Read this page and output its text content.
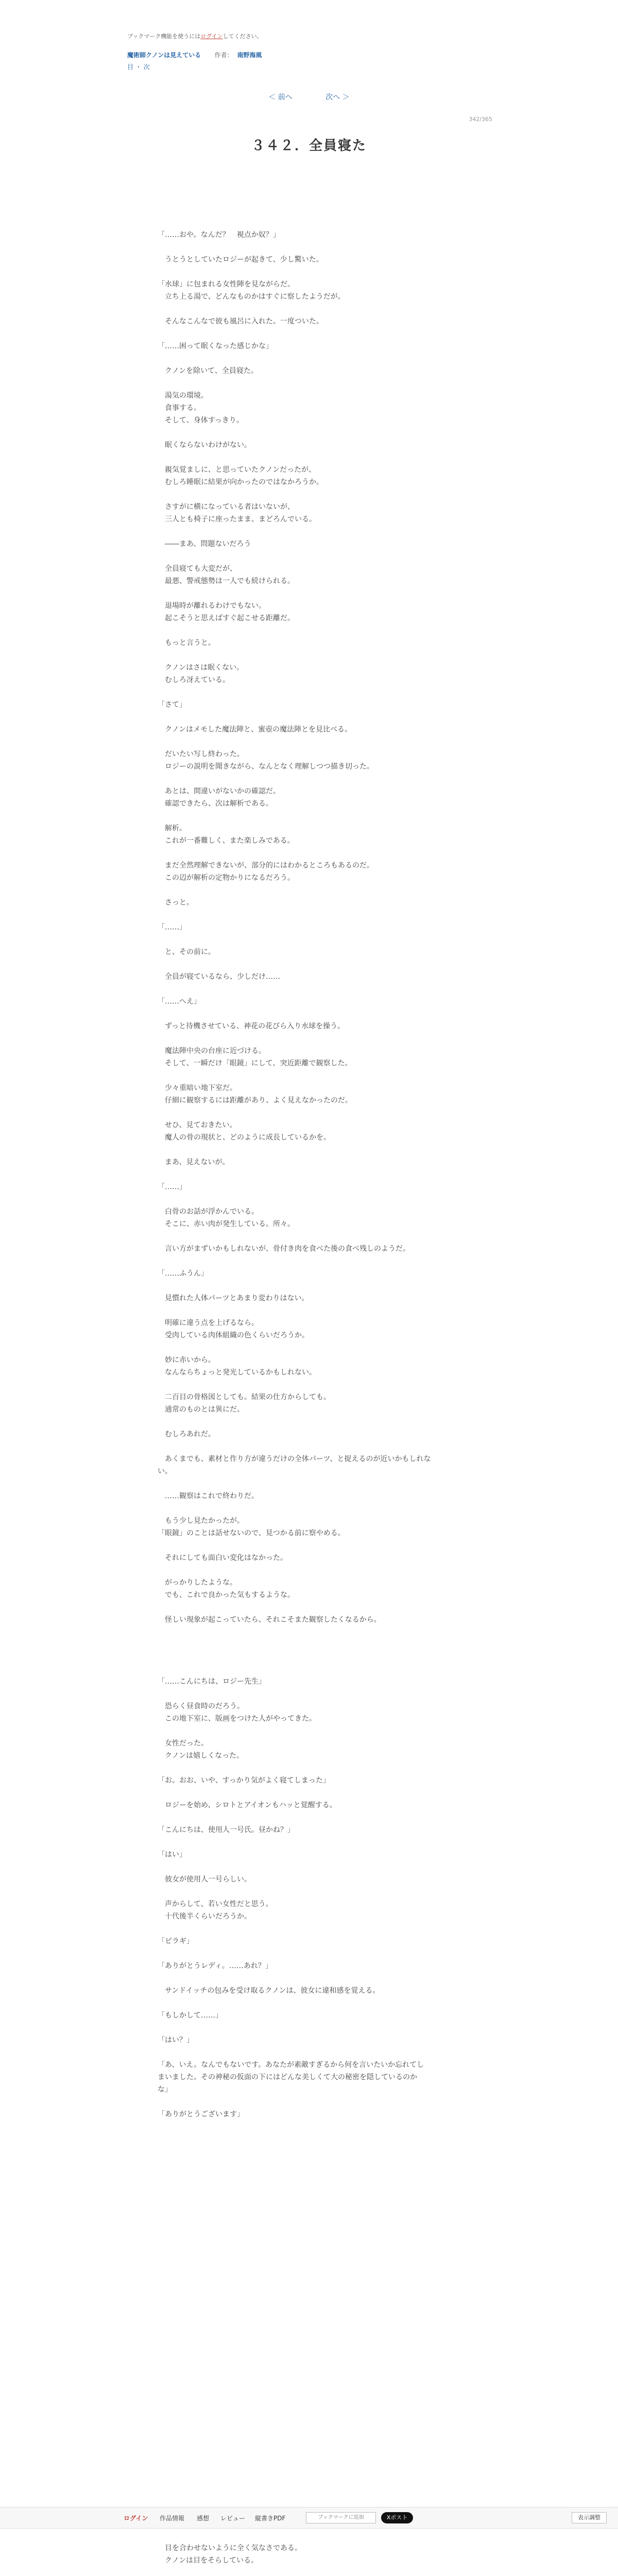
ブックマーク機能を使うにはログインしてください。
魔術師クノンは見えている 作者： 南野海風
目 ・ 次
＜ 前へ	次へ ＞
342/365
３４２．全員寝た

「……おや。なんだ？　視点か奴？」

　うとうとしていたロジーが起きて、少し驚いた。

「水球」に包まれる女性陣を見ながらだ。

　立ち上る湯で、どんなものかはすぐに察したようだが。

　そんなこんなで彼も風呂に入れた。一度ついた。

「……困って眠くなった感じかな」

　クノンを除いて、全員寝た。

　湯気の環境。

　食事する。

　そして、身体すっきり。

　眠くならないわけがない。

　親気覚ましに、と思っていたクノンだったが、

　むしろ睡眠に結果が向かったのではなかろうか。

　さすがに横になっている者はいないが、

　三人とも椅子に座ったまま、まどろんでいる。

　――まあ、問題ないだろう

　全員寝ても大変だが、

　最悪、警戒態勢は一人でも続けられる。

　退場時が離れるわけでもない。

　起こそうと思えばすぐ起こせる距離だ。

　もっと言うと。

　クノンはさは眠くない。

　むしろ冴えている。

「さて」

　クノンはメモした魔法陣と、蜜壺の魔法陣とを見比べる。

　だいたい写し終わった。

　ロジーの説明を聞きながら、なんとなく理解しつつ描き切った。

　あとは、間違いがないかの確認だ。

　確認できたら、次は解析である。

　解析。

　これが一番難しく、また楽しみである。

　まだ全然理解できないが、部分的にはわかるところもあるのだ。

　この辺が解析の定物かりになるだろう。

　さっと。

「……」

　と、その前に。

　全員が寝ているなら、少しだけ……

「……へえ」

　ずっと待機させている、神花の花びら入り水球を操う。

　魔法陣中央の台座に近づける。

　そして、一瞬だけ「眼鏡」にして、突近距離で観察した。

　少々重暗い地下室だ。

　仔細に観察するには距離があり、よく見えなかったのだ。

　せひ、見ておきたい。

　魔人の骨の現状と、どのように成長しているかを。

　まあ、見えないが。

「……」

　白骨のお話が浮かんでいる。

　そこに、赤い肉が発生している。所々。

　言い方がまずいかもしれないが、骨付き肉を食べた後の食べ残しのようだ。

「……ふうん」

　見慣れた人体パーツとあまり変わりはない。

　明確に違う点を上げるなら。

　受肉している肉体組織の色くらいだろうか。

　妙に赤いから。

　なんならちょっと発光しているかもしれない。

　二百目の骨格図としても。結果の仕方からしても。

　通常のものとは異にだ。

　むしろあれだ。

　あくまでも、素材と作り方が違うだけの全体パーツ、と捉えるのが近いかもしれな

い。

　……観察はこれで終わりだ。

　もう少し見たかったが。

「眼鏡」のことは話せないので、見つかる前に察やめる。

　それにしても面白い変化はなかった。

　がっかりしたような。

　でも、これで良かった気もするような。

　怪しい現象が起こっていたら、それこそまた観察したくなるから。

「……こんにちは、ロジー先生」

　恐らく昼食時のだろう。

　この地下室に、版画をつけた人がやってきた。

　女性だった。

　クノンは嬉しくなった。

「お。おお、いや、すっかり気がよく寝てしまった」

　ロジーを始め、シロトとアイオンもハッと覚醒する。

「こんにちは、使用人一号氏。昼かね？」

「はい」

　彼女が使用人一号らしい。

　声からして、若い女性だと思う。

　十代後半くらいだろうか。

「ピラギ」

「ありがとうレディ。……あれ？」

　サンドイッチの包みを受け取るクノンは、彼女に違和感を覚える。

「もしかして……」

「はい？」

「あ、いえ。なんでもないです。あなたが素敵すぎるから何を言いたいか忘れてし

まいました。その神秘の仮面の下にはどんな美しくて大の秘密を隠しているのか

な」

「ありがとうございます」

ログイン 作品情報 感想 レビュー 縦書きPDF	ブックマークに追加	Xポスト	表示調整

　目を合わせないように全く気なさである。

　クノンは目をそらしている。
